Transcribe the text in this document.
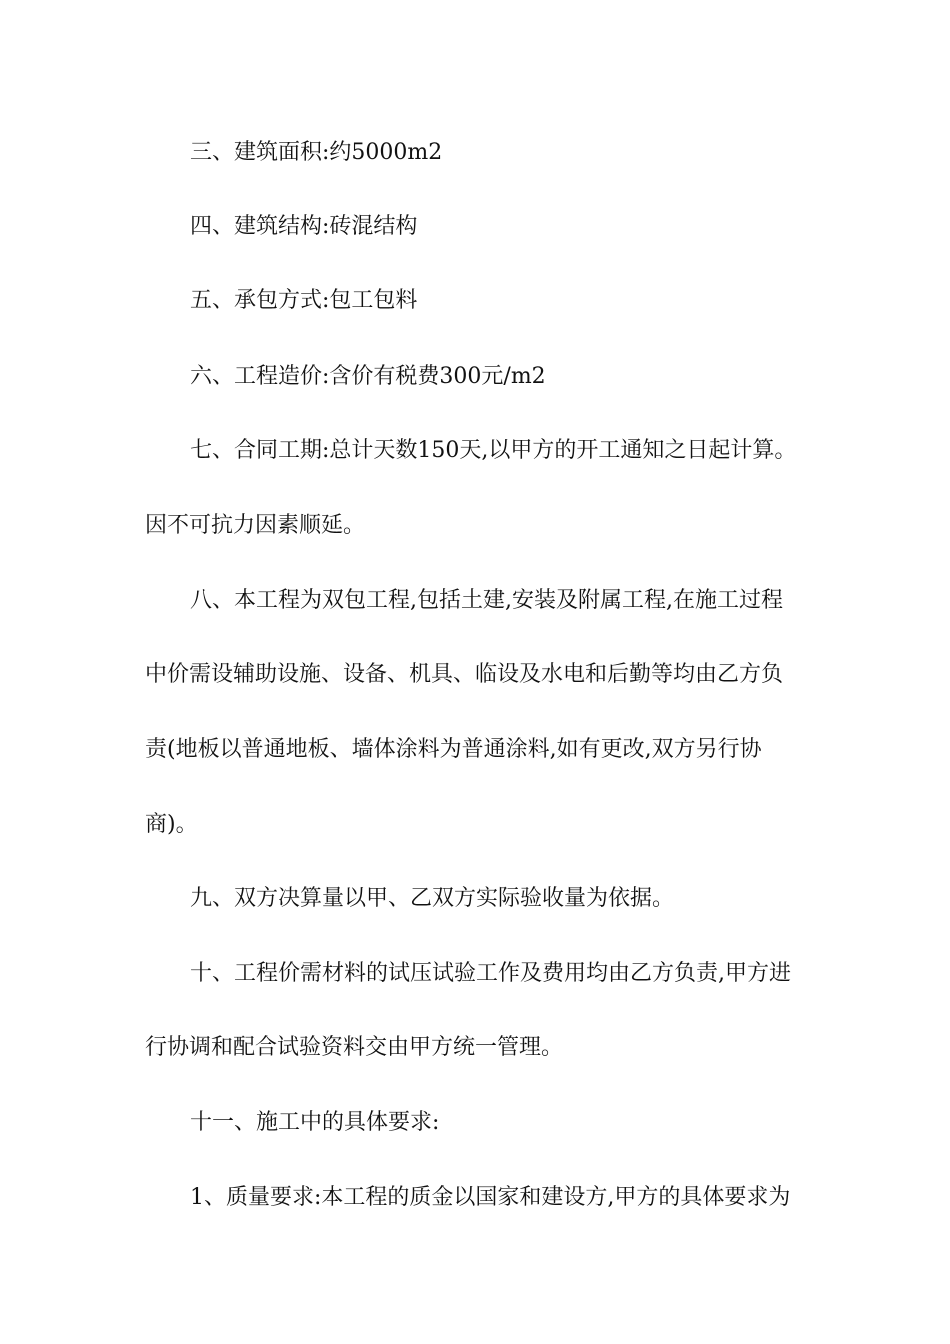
三、建筑面积:约5000m2

四、建筑结构:砖混结构

五、承包方式:包工包料

六、工程造价:含价有税费300元/m2

七、合同工期:总计天数150天,以甲方的开工通知之日起计算。

因不可抗力因素顺延。

八、本工程为双包工程,包括土建,安装及附属工程,在施工过程

中价需设辅助设施、设备、机具、临设及水电和后勤等均由乙方负

责(地板以普通地板、墙体涂料为普通涂料,如有更改,双方另行协

商)。

九、双方决算量以甲、乙双方实际验收量为依据。

十、工程价需材料的试压试验工作及费用均由乙方负责,甲方进

行协调和配合试验资料交由甲方统一管理。

十一、施工中的具体要求:

1、质量要求:本工程的质金以国家和建设方,甲方的具体要求为
